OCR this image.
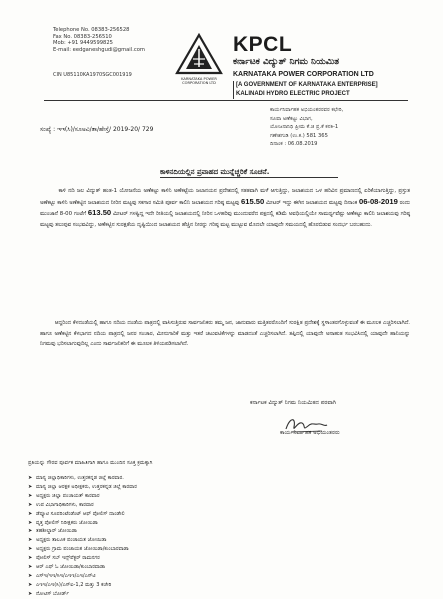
Telephone No. 08383-256528
Fax No. 08383-256510
Mob: +91 9449599825
E-mail: eedganeshgudi@gmail.com
CIN U85110KA1970SGC001919
KARNATAKA POWER
CORPORATION LTD
KPCL
ಕರ್ನಾಟಕ ವಿದ್ಯುತ್ ನಿಗಮ ನಿಯಮಿತ
KARNATAKA POWER CORPORATION LTD
[A GOVERNMENT OF KARNATAKA ENTERPRISE]
KALINADI HYDRO ELECTRIC PROJECT
ಕಾರ್ಯನಿರ್ವಾಹಕ ಅಭಿಯಂತರರವರ ಕಛೇರಿ,
ಸೂಪಾ ಅಣೆಕಟ್ಟು ವಿಭಾಗ,
ಯೋಜನಾನಿಧಿ ಪ್ರೀಮ ಕೆ.ಜಿ ಪ್ರ.ಕೆ ಕನಕಿ-1
ಗಣೇಶಗುಡಿ (ಉ.ಕ.) 581 365
ದಿನಾಂಕ : 06.08.2019
ಸಂಖ್ಯೆ : ಇಇ(ಸಿ)/ಸೂಅವಿ/ತಾ/ಹೇಸ್ತೆ/ 2019-20/ 729
ಕಾಳಿನದಿಯಲ್ಲಿನ ಪ್ರವಾಹದ ಮುನ್ನೆಚ್ಚರಿಕೆ ಸೂಚನೆ.
ಕಾಳಿ ನದಿ ಜಲ ವಿದ್ಯುತ್ ಹಂತ-1 ಯೋಜನೆಯ ಅಣೆಕಟ್ಟು ಕಾಳಿನಿ ಅಣೆಕಟ್ಟೆಯ ಜಲಾನಯನ ಪ್ರದೇಶದಲ್ಲಿ ಸತತವಾಗಿ ಮಳೆ ಆಗುತ್ತಿದ್ದು, ಜಲಾಶಯದ ಒಳ ಹರಿವಿನ ಪ್ರಮಾಣದಲ್ಲಿ ಏರಿಕೆಯಾಗುತ್ತಿದ್ದು, ಪ್ರಸ್ತುತ ಅಣೆಕಟ್ಟು ಕಾಳಿನಿ ಅಣೆಕಟ್ಟಿನ ಜಲಾಶಯದ ನೀರಿನ ಮಟ್ಟವು ಸಕಗಾರ ಸಮಿತಿ ಪೂರ್ವ ಕಾಲಿನಿ ಜಲಾಶಯದ ಗರಿಷ್ಠ ಮಟ್ಟವು 615.50 ಮೀಟರ್ ಇದ್ದು ಈಗಿನ ಜಲಾಶಯದ ಮಟ್ಟವು ದಿನಾಂಕ 06-08-2019 ರಂದು ಮುಂಜಾನೆ 8-00 ಗಂಟೆಗೆ 613.50 ಮೀಟರ್ ಗಳಷ್ಟಿದ್ದ ಇದೇ ರೀತಿಯಲ್ಲಿ ಜಲಾಶಯದಲ್ಲಿ ನೀರಿನ ಒಳಹರಿವು ಮುಂದುವರೆದ ಪಕ್ಷದಲ್ಲಿ ಕಡಿಮೆ ಅವಧಿಯಲ್ಲಿಯೇ ಸಾಮರ್ಥ್ಯವೆಷ್ಟು ಅಣೆಕಟ್ಟು ಕಾಲಿನಿ ಜಲಾಶಯವು ಗರಿಷ್ಠ ಮಟ್ಟವು ತಲುಪುವ ಸಂಭವವಿದ್ದು, ಅಣೆಕಟ್ಟಿನ ಸುರಕ್ಷತೆಯ ದೃಷ್ಟಿಯಿಂದ ಜಲಾಶಯದ ಹೆಚ್ಚಿನ ನೀರನ್ನು ಗರಿಷ್ಠ ಮಟ್ಟ ಮುಟ್ಟುವ ಮೊದಲೇ ಯಾವುದೇ ಸಮಯದಲ್ಲಿ ಹೊರಬಿಡುವ ಸಂದರ್ಭ ಬರಬಹುದು.
ಆದ್ದರಿಂದ ಕೆಳದಂಡೆಯಲ್ಲಿ ಹಾಗೂ ನದಿಯ ದಂಡೆಯ ಪಾತ್ರದಲ್ಲಿ ವಾಸಿಸುತ್ತಿರುವ ಸಾರ್ವಜನಿಕರು ತಮ್ಮ ಜನ, ಜಾನುವಾರು ಮತ್ತಿತರರೊಂದಿಗೆ ಸುರಕ್ಷಿತ ಪ್ರದೇಶಕ್ಕೆ ಸ್ಥಳಾಂತರಗೊಳ್ಳುವಂತೆ ಈ ಮೂಲಕ ಎಚ್ಚರಿಸಲಾಗಿದೆ. ಹಾಗೂ ಅಣೆಕಟ್ಟಿನ ಕೆಳಭಾಗದ ನದಿಯ ಪಾತ್ರದಲ್ಲಿ ಜನರ ಸಂಚಾರ, ಮೀನುಗಾರಿಕೆ ಮತ್ತು ಇತರೆ ಚಟುವಟಿಕೆಗಳನ್ನು ಮಾಡದಂತೆ ಎಚ್ಚರಿಸಲಾಗಿದೆ. ತಪ್ಪಿದಲ್ಲಿ ಯಾವುದೇ ಅನಾಹುತ ಸಂಭವಿಸಿದಲ್ಲಿ ಯಾವುದೇ ಹಾನಿಯನ್ನು ನಿಗಮವು ಭರಿಸಲಾಗುವುದಿಲ್ಲ ಎಂದು ಸಾರ್ವಜನಿಕರಿಗೆ ಈ ಮೂಲಕ ತಿಳಿಯಪಡಿಸಲಾಗಿದೆ.
ಕರ್ನಾಟಕ ವಿದ್ಯುತ್ ನಿಗಮ ನಿಯಮಿತದ ಪರವಾಗಿ
ಕಾರ್ಯನಿರ್ವಾಹಕ ಅಭಿಯಂತರರು
ಪ್ರತಿಯನ್ನು ಗೌರವ ಪೂರ್ವಕ ಮಾಹಿತಿಗಾಗಿ ಹಾಗೂ ಮುಂದಿನ ಸೂಕ್ತ ಕ್ರಮಕ್ಕಾಗಿ
➤ ಮಾನ್ಯ ಜಿಲ್ಲಾಧಿಕಾರಿಗಳು, ಉತ್ತರಕನ್ನಡ ಜಿಲ್ಲೆ ಕಾರವಾರ.
➤ ಮಾನ್ಯ ಜಿಲ್ಲಾ ಆರಕ್ಷಕ ಅಧೀಕ್ಷಕರು, ಉತ್ತರಕನ್ನಡ ಜಿಲ್ಲೆ ಕಾರವಾರ
➤ ಅಧ್ಯಕ್ಷರು ಜಿಲ್ಲಾ ಪಂಚಾಯತ್ ಕಾರವಾರ
➤ ಉಪ ವಿಭಾಗಾಧಿಕಾರಿಗಳು, ಕಾರವಾರ
➤ ಡೆಪ್ಯೂಟಿ ಸೂಪರಿಂಟೆಂಡೆಂಟ್ ಆಫ್ ಪೋಲಿಸ್ ದಾಂಡೇಲಿ
➤ ವೃತ್ತ ಪೋಲಿಸ್ ನಿರೀಕ್ಷಕರು ಜೋಯಿಡಾ
➤ ತಹಶೀಲ್ದಾರ್ ಜೋಯಿಡಾ
➤ ಅಧ್ಯಕ್ಷರು ತಾಲೂಕ ಪಂಚಾಯತ ಜೋಯಿಡಾ
➤ ಅಧ್ಯಕ್ಷರು ಗ್ರಾಮ ಪಂಚಾಯತ ಜೋಯಿಡಾ/ಕುಂಬಾರವಾಡಾ
➤ ಪೋಲಿಸ್ ಸಬ್ ಇನ್ಸ್‌ಪೆಕ್ಟರ್ ರಾಮನಗರ
➤ ಆರ್ ಎಫ್ ಓ ಜೋಯಿಡಾ/ಕುಂಬಾರವಾಡಾ
➤ ಎಸ್‌ಇ/ಇಇ/ಸಿಇ/ಎಇಇ/ಎಇ/ಎಸ್‌ಟಿ
➤ ಎಇಇ/ಎಇ(ಸಿ)/ಎಸ್‌ಐ-1,2 ಮತ್ತು 3 ಕಚೇರಿ
➤ ನೋಟಿಸ್ ಬೋರ್ಡ್
